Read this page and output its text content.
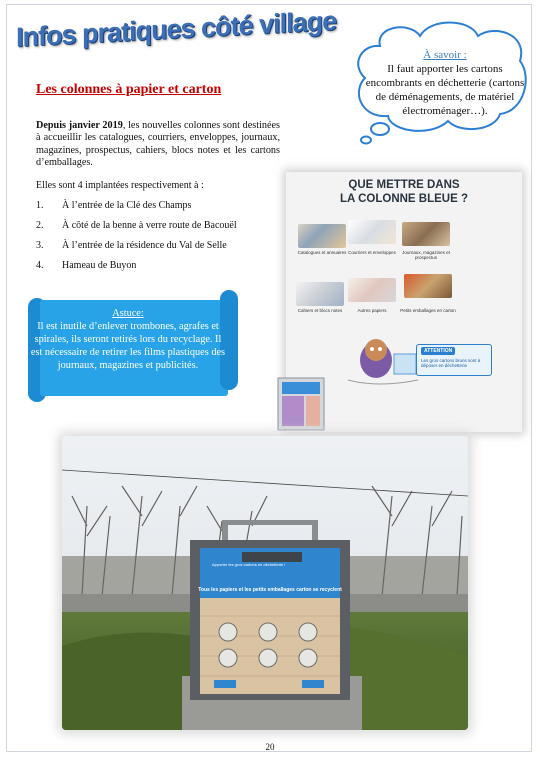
Infos pratiques côté village
À savoir :
Il faut apporter les cartons encombrants en déchetterie (cartons de déménagements, de matériel électroménager…).
Les colonnes à papier et carton
Depuis janvier 2019, les nouvelles colonnes sont destinées à accueillir les catalogues, courriers, enveloppes, journaux, magazines, prospectus, cahiers, blocs notes et les cartons d’emballages.
Elles sont 4 implantées respectivement à :
1. À l’entrée de la Clé des Champs
2. À côté de la benne à verre route de Bacouël
3. À l’entrée de la résidence du Val de Selle
4. Hameau de Buyon
Astuce:
Il est inutile d’enlever trombones, agrafes et spirales, ils seront retirés lors du recyclage. Il est nécessaire de retirer les films plastiques des journaux, magazines et publicités.
QUE METTRE DANS
LA COLONNE BLEUE ?
Catalogues et annuaires Courriers et enveloppes	Journaux, magazines et prospectus
Cahiers et blocs notes	Autres papiers	Petits emballages en carton
ATTENTION
Les gros cartons bruns sont à déposer en déchetterie
Apporter les gros cartons en déchetterie !
Tous les papiers et les petits emballages carton se recyclent
20
